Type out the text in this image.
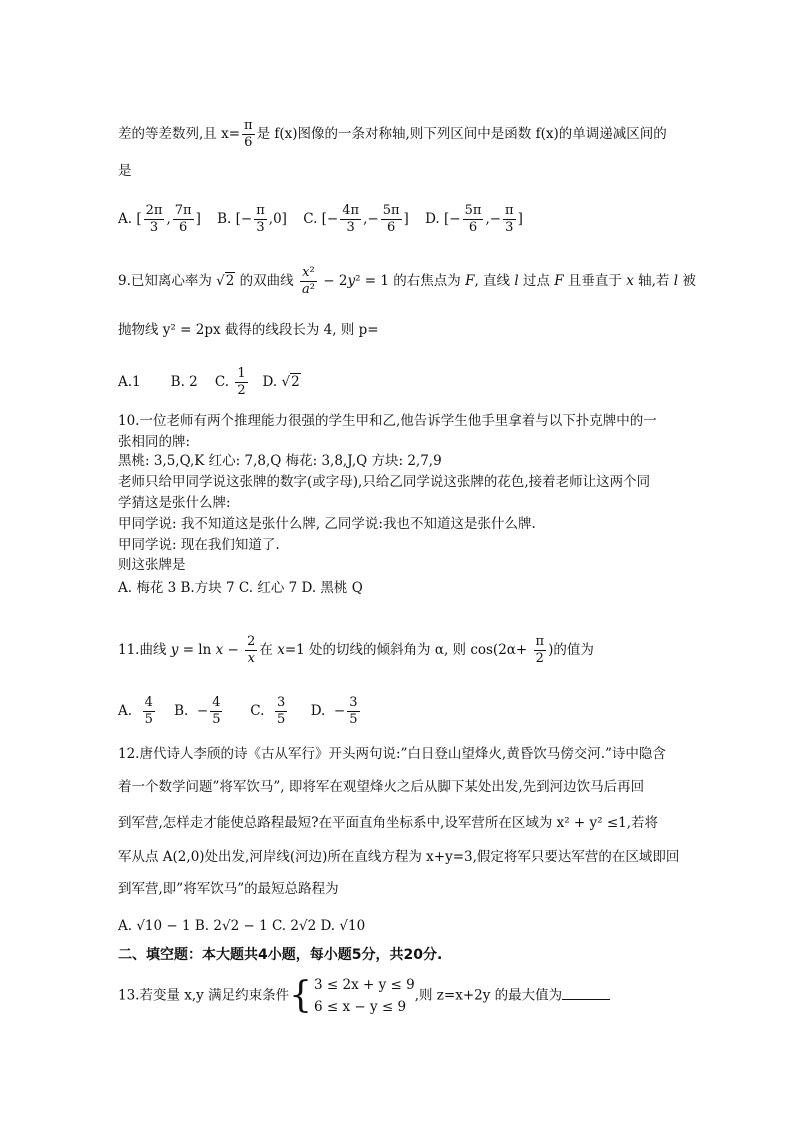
差的等差数列,且 $x= \frac{\pi}{6}$ 是 f(x)图像的一条对称轴,则下列区间中是函数 f(x)的单调递减区间的
是
A. [ $\frac{2\pi}{3}$ , $\frac{7\pi}{6}$ ] B. [− $\frac{\pi}{3} ,0$] C. [− $\frac{4\pi}{3}$ ,− $\frac{5\pi}{6}$ ] D. [− $\frac{5\pi}{6}$ ,− $\frac{\pi}{3}$ ]
9.已知离心率为 √2 的双曲线 $\frac{\text{x²}}{\text{a²}} - 2y^2 = 1$ 的右焦点为 F, 直线 l 过点 F 且垂直于 x 轴,若 l 被
抛物线 y² = 2px 截得的线段长为 4, 则 p=
A.1       B. 2    C. $\frac{1}{2} D$. √2
10.一位老师有两个推理能力很强的学生甲和乙,他告诉学生他手里拿着与以下扑克牌中的一
张相同的牌:
黑桃: 3,5,Q,K 红心: 7,8,Q 梅花: 3,8,J,Q 方块: 2,7,9
老师只给甲同学说这张牌的数字(或字母),只给乙同学说这张牌的花色,接着老师让这两个同
学猜这是张什么牌:
甲同学说: 我不知道这是张什么牌, 乙同学说:我也不知道这是张什么牌.
甲同学说: 现在我们知道了.
则这张牌是
A. 梅花 3 B.方块 7 C. 红心 7 D. 黑桃 Q
11.曲线 $y = \ln x - \frac{2}{x}$ 在 x=1 处的切线的倾斜角为 α, 则 $\cos(2\alpha+ \frac{\pi}{2}$ )的值为
A. $\frac{4}{5} B$.  − $\frac{4}{5} C$. $\frac{3}{5} D$.  − $\frac{3}{5}$
12.唐代诗人李颀的诗《古从军行》开头两句说:”白日登山望烽火,黄昏饮马傍交河.”诗中隐含
着一个数学问题”将军饮马”, 即将军在观望烽火之后从脚下某处出发,先到河边饮马后再回
到军营,怎样走才能使总路程最短?在平面直角坐标系中,设军营所在区域为 x² + y² ≤1,若将
军从点 A(2,0)处出发,河岸线(河边)所在直线方程为 x+y=3,假定将军只要达军营的在区域即回
到军营,即”将军饮马”的最短总路程为
A. √10 − 1 B. 2√2 − 1 C. 2√2 D. √10
二、填空题：本大题共4小题，每小题5分，共20分.
13.若变量 x,y 满足约束条件{ 3 ≤ 2x + y ≤ 9
6 ≤ x − y ≤ 9
,则 z=x+2y 的最大值为
